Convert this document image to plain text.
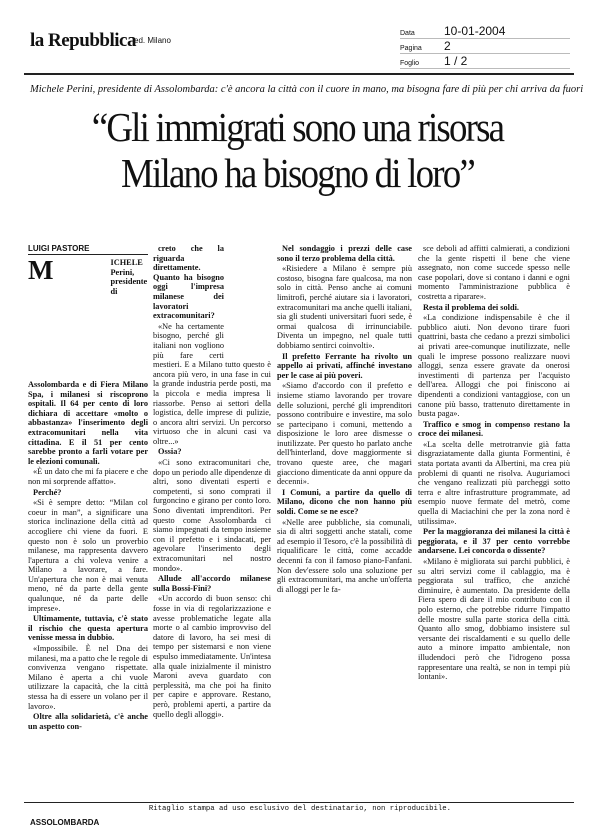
la Repubblica
ed. Milano
Data	10-01-2004
Pagina	2
Foglio	1 / 2
Michele Perini, presidente di Assolombarda: c'è ancora la città con il cuore in mano, ma bisogna fare di più per chi arriva da fuori
“Gli immigrati sono una risorsa
Milano ha bisogno di loro”
LUIGI PASTORE
M	ICHELE Perini, presidente di Assolombarda e di Fiera Milano Spa, i milanesi si riscoprono ospitali. Il 64 per cento di loro dichiara di accettare «molto o abbastanza» l'inserimento degli extracomunitari nella vita cittadina. E il 51 per cento sarebbe pronto a farli votare per le elezioni comunali.

«È un dato che mi fa piacere e che non mi sorprende affatto».

Perché?

«Si è sempre detto: “Milan col coeur in man”, a significare una storica inclinazione della città ad accogliere chi viene da fuori. E questo non è solo un proverbio milanese, ma rappresenta davvero l'apertura a chi voleva venire a Milano a lavorare, a fare. Un'apertura che non è mai venuta meno, né da parte della gente qualunque, né da parte delle imprese».

Ultimamente, tuttavia, c'è stato il rischio che questa apertura venisse messa in dubbio.

«Impossibile. È nel Dna dei milanesi, ma a patto che le regole di convivenza vengano rispettate. Milano è aperta a chi vuole utilizzare la capacità, che la città stessa ha di essere un volano per il lavoro».

Oltre alla solidarietà, c'è anche un aspetto con-

creto che la riguarda direttamente. Quanto ha bisogno oggi l'impresa milanese dei lavoratori extracomunitari?

«Ne ha certamente bisogno, perché gli italiani non vogliono più fare certi mestieri. E a Milano tutto questo è ancora più vero, in una fase in cui la grande industria perde posti, ma la piccola e media impresa li riassorbe. Penso ai settori della logistica, delle imprese di pulizie, o ancora altri servizi. Un percorso virtuoso che in alcuni casi va oltre...»

Ossia?

«Ci sono extracomunitari che, dopo un periodo alle dipendenze di altri, sono diventati esperti e competenti, si sono comprati il furgoncino e girano per conto loro. Sono diventati imprenditori. Per questo come Assolombarda ci siamo impegnati da tempo insieme con il prefetto e i sindacati, per agevolare l'inserimento degli extracomunitari nel nostro mondo».

Allude all'accordo milanese sulla Bossi-Fini?

«Un accordo di buon senso: chi fosse in via di regolarizzazione e avesse problematiche legate alla morte o al cambio improvviso del datore di lavoro, ha sei mesi di tempo per sistemarsi e non viene espulso immediatamente. Un'intesa alla quale inizialmente il ministro Maroni aveva guardato con perplessità, ma che poi ha finito per capire e approvare. Restano, però, problemi aperti, a partire da quello degli alloggi».

Nel sondaggio i prezzi delle case sono il terzo problema della città.

«Risiedere a Milano è sempre più costoso, bisogna fare qualcosa, ma non solo in città. Penso anche ai comuni limitrofi, perché aiutare sia i lavoratori, extracomunitari ma anche quelli italiani, sia gli studenti universitari fuori sede, è ormai qualcosa di irrinunciabile. Diventa un impegno, nel quale tutti dobbiamo sentirci coinvolti».

Il prefetto Ferrante ha rivolto un appello ai privati, affinché investano per le case ai più poveri.

«Siamo d'accordo con il prefetto e insieme stiamo lavorando per trovare delle soluzioni, perché gli imprenditori possono contribuire e investire, ma solo se partecipano i comuni, mettendo a disposizione le loro aree dismesse o inutilizzate. Per questo ho parlato anche dell'hinterland, dove maggiormente si trovano queste aree, che magari giacciono dimenticate da anni oppure da decenni».

I Comuni, a partire da quello di Milano, dicono che non hanno più soldi. Come se ne esce?

«Nelle aree pubbliche, sia comunali, sia di altri soggetti anche statali, come ad esempio il Tesoro, c'è la possibilità di riqualificare le città, come accadde decenni fa con il famoso piano-Fanfani. Non dev'essere solo una soluzione per gli extracomunitari, ma anche un'offerta di alloggi per le fa-

sce deboli ad affitti calmierati, a condizioni che la gente rispetti il bene che viene assegnato, non come succede spesso nelle case popolari, dove si contano i danni e ogni momento l'amministrazione pubblica è costretta a riparare».

Resta il problema dei soldi.

«La condizione indispensabile è che il pubblico aiuti. Non devono tirare fuori quattrini, basta che cedano a prezzi simbolici ai privati aree-comunque inutilizzate, nelle quali le imprese possono realizzare nuovi alloggi, senza essere gravate da onerosi investimenti di partenza per l'acquisto dell'area. Alloggi che poi finiscono ai dipendenti a condizioni vantaggiose, con un canone più basso, trattenuto direttamente in busta paga».

Traffico e smog in compenso restano la croce dei milanesi.

«La scelta delle metrotranvie già fatta disgraziatamente dalla giunta Formentini, è stata portata avanti da Albertini, ma crea più problemi di quanti ne risolva. Auguriamoci che vengano realizzati più parcheggi sotto terra e altre infrastrutture programmate, ad esempio nuove fermate del metrò, come quella di Maciachini che per la zona nord è utilissima».

Per la maggioranza dei milanesi la città è peggiorata, e il 37 per cento vorrebbe andarsene. Lei concorda o dissente?

«Milano è migliorata sui parchi pubblici, è su altri servizi come il cablaggio, ma è peggiorata sul traffico, che anziché diminuire, è aumentato. Da presidente della Fiera spero di dare il mio contributo con il polo esterno, che potrebbe ridurre l'impatto delle mostre sulla parte storica della città. Quanto allo smog, dobbiamo insistere sul versante dei riscaldamenti e su quello delle auto a minore impatto ambientale, non illudendoci però che l'idrogeno possa rappresentare una realtà, se non in tempi più lontani».

Ritaglio stampa ad uso esclusivo del destinatario, non riproducibile.
ASSOLOMBARDA
